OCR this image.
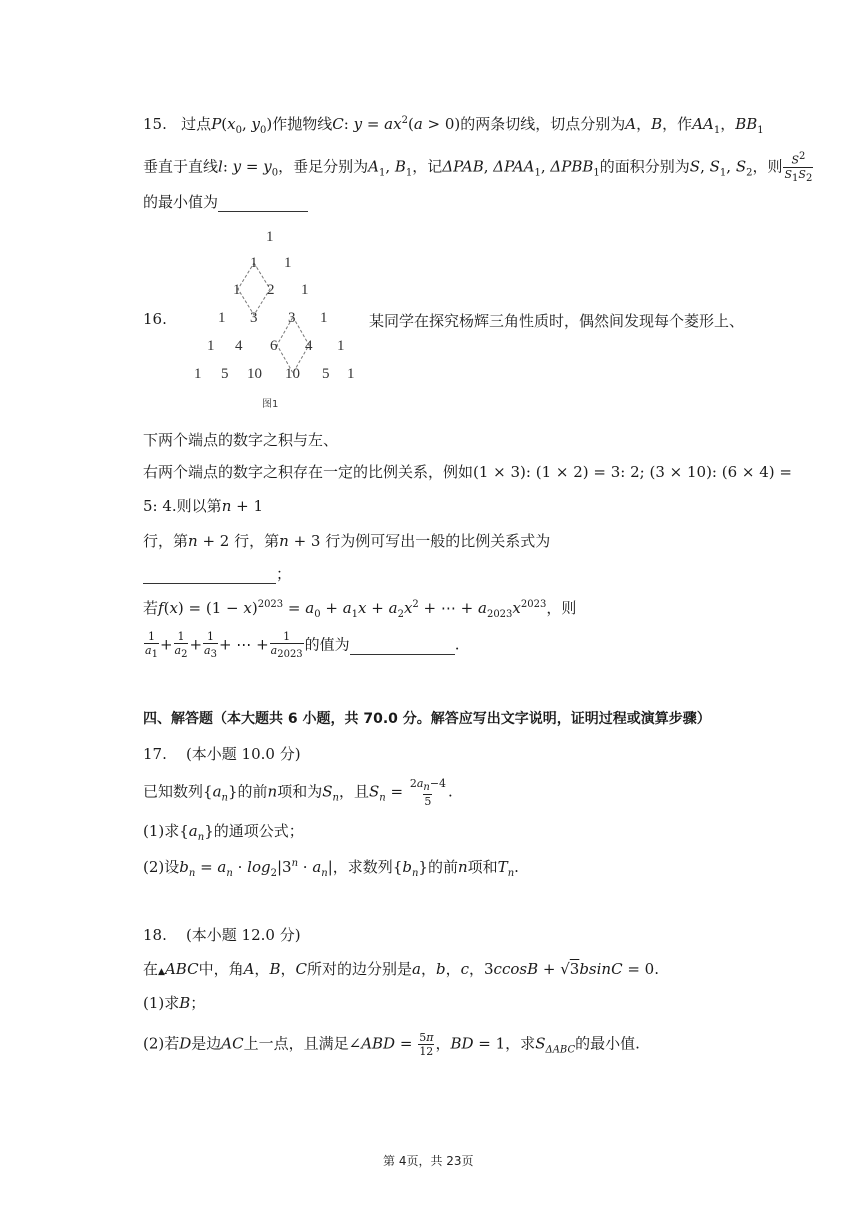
15. 过点$P(x_0$, $y_0$)作抛物线C: $y = ax^2(a > 0)$的两条切线，切点分别为A，B，作$AA_1$，$BB_1$
垂直于直线l: $y = y_0$，垂足分别为$A_1$, $B_1$，记ΔPAB, $\Delta PAA_1$, $\Delta PBB_1$的面积分别为S, $S_1$, $S_2$，则 $\frac{S^2}{S_1S_2}$
的最小值为
1
1 1
1 2 1
1 3 3 1
1 4 6 4 1
1 5 10 10 5 1
图1
16.	某同学在探究杨辉三角性质时，偶然间发现每个菱形上、
下两个端点的数字之积与左、
右两个端点的数字之积存在一定的比例关系，例如(1 × 3): (1 × 2) = 3: 2; (3 × 10): (6 × 4) =
5: 4.则以第n + 1
行，第n + 2 行，第n + 3 行为例可写出一般的比例关系式为
；
若$f(x) = (1 - x)^{2023} = a_0 + a_1x + a_2x^2$ + ⋯ + $a_{2023}x^{2023}$，则
$\frac{1}{a_1} + \frac{1}{a_2} + \frac{1}{a_3}$ + ⋯ + $\frac{1}{a_{2023}}$ 的值为	.
四、解答题（本大题共 6 小题，共 70.0 分。解答应写出文字说明，证明过程或演算步骤）
17. (本小题 10.0 分)
已知数列$\{a_n\}$的前n项和为$S_n$，且$S_n = \frac{2a_n-4}{5}$ .
(1)求$\{a_n\}$的通项公式；
(2)设$b_n = a_n \cdot \log_2|3^n \cdot a_n|$，求数列$\{b_n\}$的前n项和$T_n$.
18. (本小题 12.0 分)
在▲ABC中，角A，B，C所对的边分别是a，b，c，3ccosB + √3bsinC = 0.
(1)求B；
(2)若D是边AC上一点，且满足∠ABD = $\frac{5\pi}{12}$ ，BD = 1，求$S_{\Delta ABC}$的最小值.
第 4页，共 23页
